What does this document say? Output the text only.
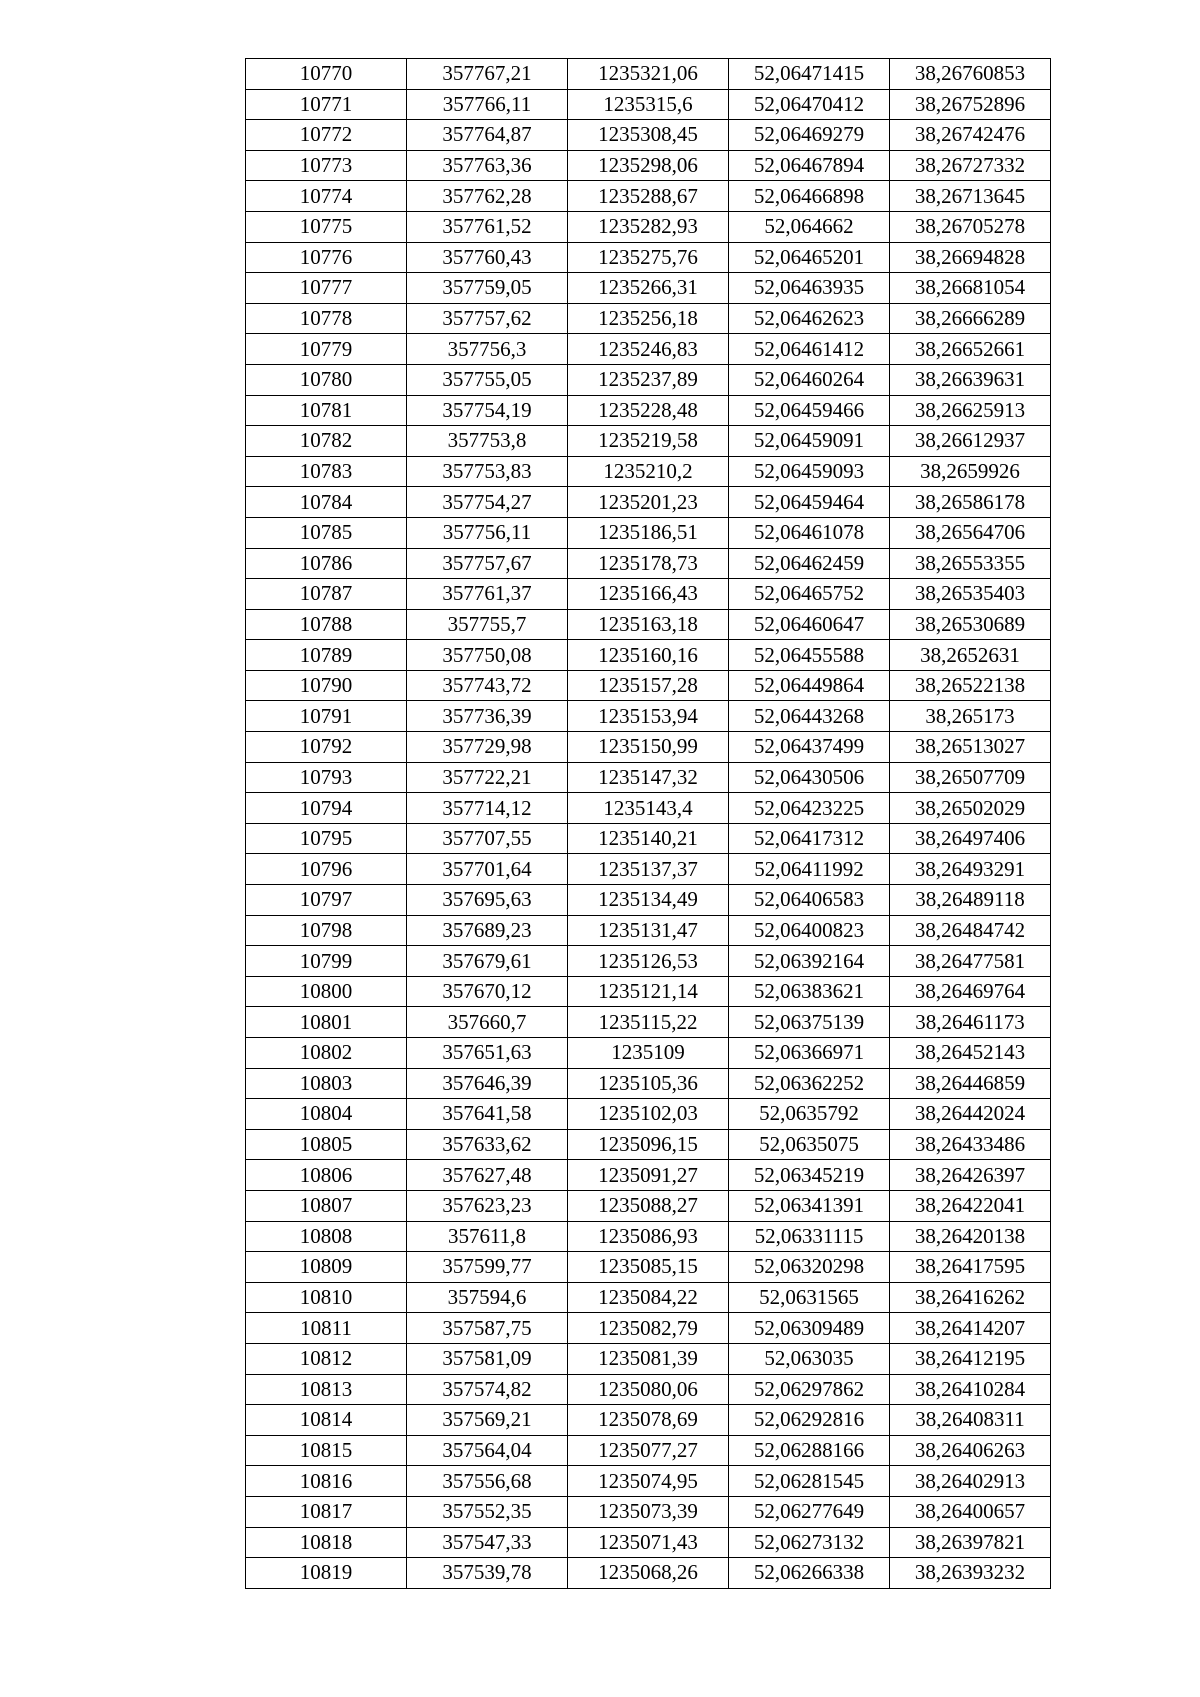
10770	357767,21	1235321,06	52,06471415	38,26760853
10771	357766,11	1235315,6	52,06470412	38,26752896
10772	357764,87	1235308,45	52,06469279	38,26742476
10773	357763,36	1235298,06	52,06467894	38,26727332
10774	357762,28	1235288,67	52,06466898	38,26713645
10775	357761,52	1235282,93	52,064662	38,26705278
10776	357760,43	1235275,76	52,06465201	38,26694828
10777	357759,05	1235266,31	52,06463935	38,26681054
10778	357757,62	1235256,18	52,06462623	38,26666289
10779	357756,3	1235246,83	52,06461412	38,26652661
10780	357755,05	1235237,89	52,06460264	38,26639631
10781	357754,19	1235228,48	52,06459466	38,26625913
10782	357753,8	1235219,58	52,06459091	38,26612937
10783	357753,83	1235210,2	52,06459093	38,2659926
10784	357754,27	1235201,23	52,06459464	38,26586178
10785	357756,11	1235186,51	52,06461078	38,26564706
10786	357757,67	1235178,73	52,06462459	38,26553355
10787	357761,37	1235166,43	52,06465752	38,26535403
10788	357755,7	1235163,18	52,06460647	38,26530689
10789	357750,08	1235160,16	52,06455588	38,2652631
10790	357743,72	1235157,28	52,06449864	38,26522138
10791	357736,39	1235153,94	52,06443268	38,265173
10792	357729,98	1235150,99	52,06437499	38,26513027
10793	357722,21	1235147,32	52,06430506	38,26507709
10794	357714,12	1235143,4	52,06423225	38,26502029
10795	357707,55	1235140,21	52,06417312	38,26497406
10796	357701,64	1235137,37	52,06411992	38,26493291
10797	357695,63	1235134,49	52,06406583	38,26489118
10798	357689,23	1235131,47	52,06400823	38,26484742
10799	357679,61	1235126,53	52,06392164	38,26477581
10800	357670,12	1235121,14	52,06383621	38,26469764
10801	357660,7	1235115,22	52,06375139	38,26461173
10802	357651,63	1235109	52,06366971	38,26452143
10803	357646,39	1235105,36	52,06362252	38,26446859
10804	357641,58	1235102,03	52,0635792	38,26442024
10805	357633,62	1235096,15	52,0635075	38,26433486
10806	357627,48	1235091,27	52,06345219	38,26426397
10807	357623,23	1235088,27	52,06341391	38,26422041
10808	357611,8	1235086,93	52,06331115	38,26420138
10809	357599,77	1235085,15	52,06320298	38,26417595
10810	357594,6	1235084,22	52,0631565	38,26416262
10811	357587,75	1235082,79	52,06309489	38,26414207
10812	357581,09	1235081,39	52,063035	38,26412195
10813	357574,82	1235080,06	52,06297862	38,26410284
10814	357569,21	1235078,69	52,06292816	38,26408311
10815	357564,04	1235077,27	52,06288166	38,26406263
10816	357556,68	1235074,95	52,06281545	38,26402913
10817	357552,35	1235073,39	52,06277649	38,26400657
10818	357547,33	1235071,43	52,06273132	38,26397821
10819	357539,78	1235068,26	52,06266338	38,26393232
